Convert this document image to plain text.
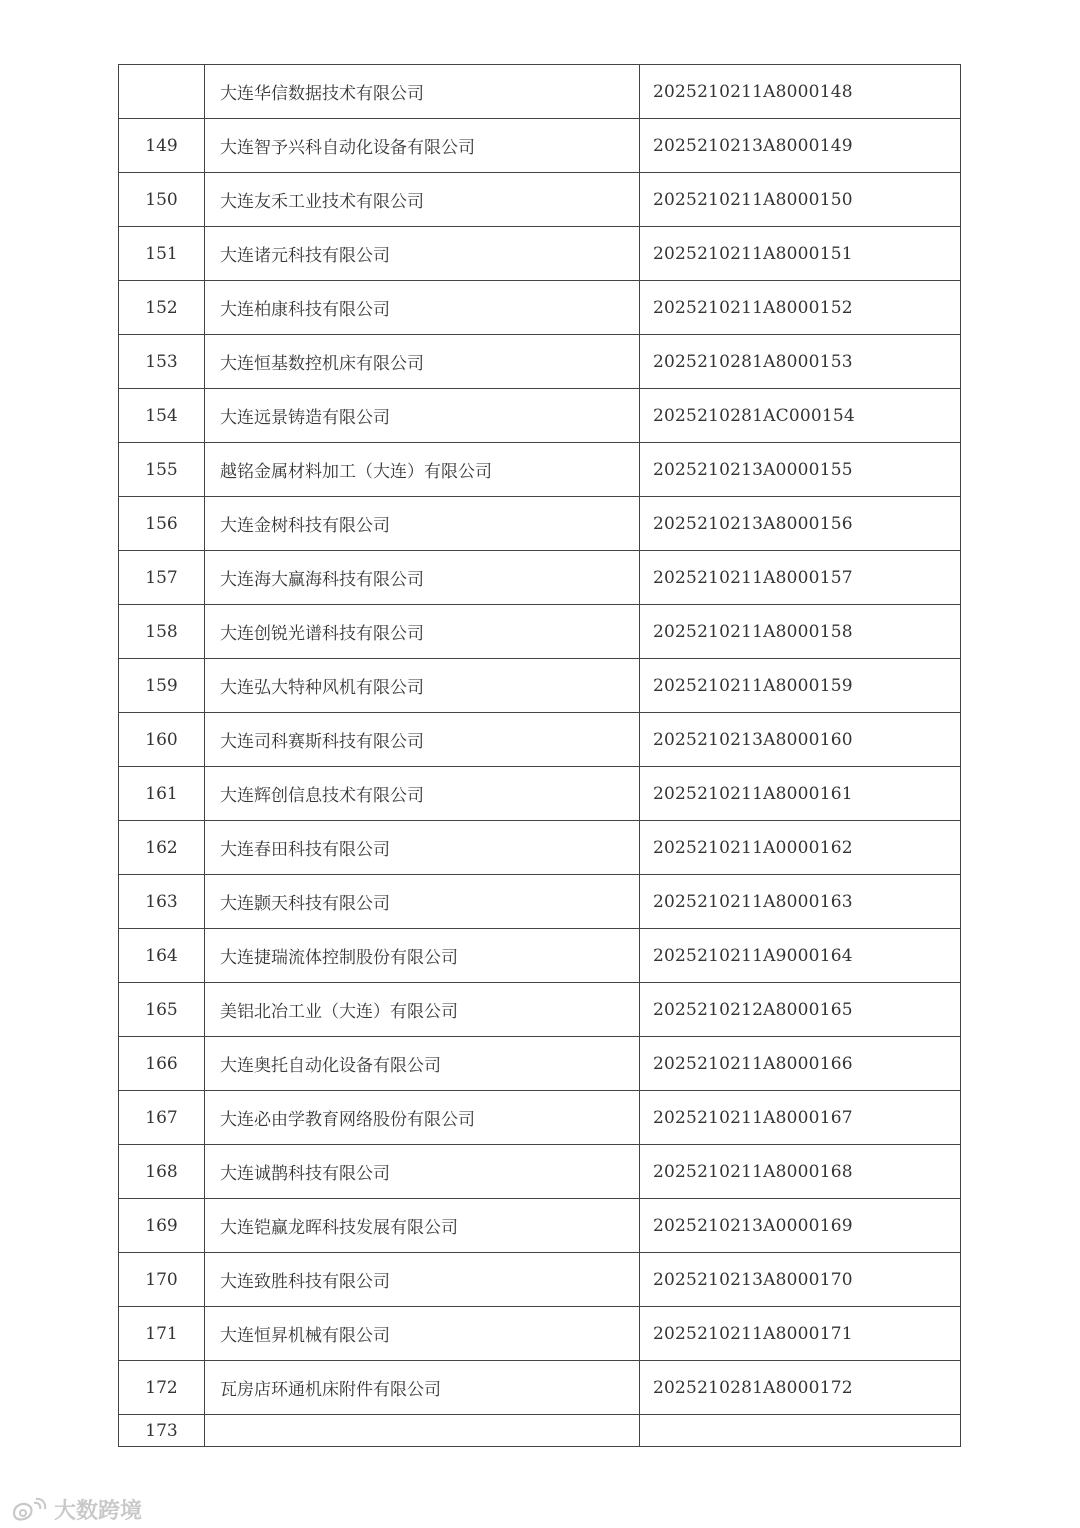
	大连华信数据技术有限公司	2025210211A8000148
149	大连智予兴科自动化设备有限公司	2025210213A8000149
150	大连友禾工业技术有限公司	2025210211A8000150
151	大连诸元科技有限公司	2025210211A8000151
152	大连柏康科技有限公司	2025210211A8000152
153	大连恒基数控机床有限公司	2025210281A8000153
154	大连远景铸造有限公司	2025210281AC000154
155	越铭金属材料加工（大连）有限公司	2025210213A0000155
156	大连金树科技有限公司	2025210213A8000156
157	大连海大赢海科技有限公司	2025210211A8000157
158	大连创锐光谱科技有限公司	2025210211A8000158
159	大连弘大特种风机有限公司	2025210211A8000159
160	大连司科赛斯科技有限公司	2025210213A8000160
161	大连辉创信息技术有限公司	2025210211A8000161
162	大连春田科技有限公司	2025210211A0000162
163	大连颢天科技有限公司	2025210211A8000163
164	大连捷瑞流体控制股份有限公司	2025210211A9000164
165	美铝北冶工业（大连）有限公司	2025210212A8000165
166	大连奥托自动化设备有限公司	2025210211A8000166
167	大连必由学教育网络股份有限公司	2025210211A8000167
168	大连诚鹊科技有限公司	2025210211A8000168
169	大连铠赢龙晖科技发展有限公司	2025210213A0000169
170	大连致胜科技有限公司	2025210213A8000170
171	大连恒昇机械有限公司	2025210211A8000171
172	瓦房店环通机床附件有限公司	2025210281A8000172
173		
大数跨境
